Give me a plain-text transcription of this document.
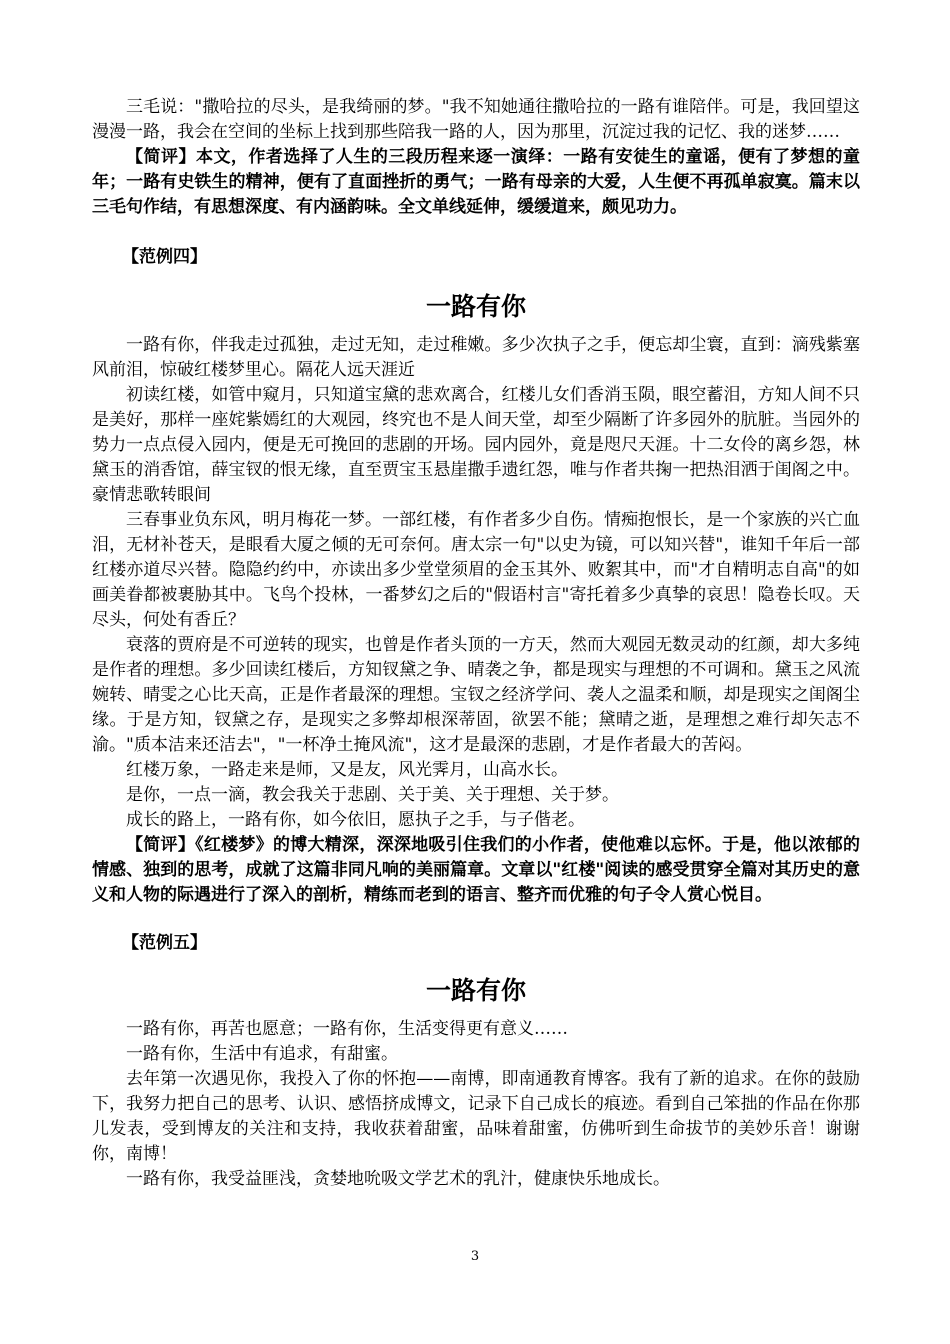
三毛说："撒哈拉的尽头，是我绮丽的梦。"我不知她通往撒哈拉的一路有谁陪伴。可是，我回望这漫漫一路，我会在空间的坐标上找到那些陪我一路的人，因为那里，沉淀过我的记忆、我的迷梦……

【简评】本文，作者选择了人生的三段历程来逐一演绎：一路有安徒生的童谣，便有了梦想的童年；一路有史铁生的精神，便有了直面挫折的勇气；一路有母亲的大爱，人生便不再孤单寂寞。篇末以三毛句作结，有思想深度、有内涵韵味。全文单线延伸，缓缓道来，颇见功力。

【范例四】

一路有你

一路有你，伴我走过孤独，走过无知，走过稚嫩。多少次执子之手，便忘却尘寰，直到：滴残紫塞风前泪，惊破红楼梦里心。隔花人远天涯近

初读红楼，如管中窥月，只知道宝黛的悲欢离合，红楼儿女们香消玉陨，眼空蓄泪，方知人间不只是美好，那样一座姹紫嫣红的大观园，终究也不是人间天堂，却至少隔断了许多园外的肮脏。当园外的势力一点点侵入园内，便是无可挽回的悲剧的开场。园内园外，竟是咫尺天涯。十二女伶的离乡怨，林黛玉的消香馆，薛宝钗的恨无缘，直至贾宝玉悬崖撒手遗红怨，唯与作者共掬一把热泪洒于闺阁之中。豪情悲歌转眼间

三春事业负东风，明月梅花一梦。一部红楼，有作者多少自伤。情痴抱恨长，是一个家族的兴亡血泪，无材补苍天，是眼看大厦之倾的无可奈何。唐太宗一句"以史为镜，可以知兴替"，谁知千年后一部红楼亦道尽兴替。隐隐约约中，亦读出多少堂堂须眉的金玉其外、败絮其中，而"才自精明志自高"的如画美眷都被裹胁其中。飞鸟个投林，一番梦幻之后的"假语村言"寄托着多少真挚的哀思！隐卷长叹。天尽头，何处有香丘？

衰落的贾府是不可逆转的现实，也曾是作者头顶的一方天，然而大观园无数灵动的红颜，却大多纯是作者的理想。多少回读红楼后，方知钗黛之争、晴袭之争，都是现实与理想的不可调和。黛玉之风流婉转、晴雯之心比天高，正是作者最深的理想。宝钗之经济学问、袭人之温柔和顺，却是现实之闺阁尘缘。于是方知，钗黛之存，是现实之多弊却根深蒂固，欲罢不能；黛晴之逝，是理想之难行却矢志不渝。"质本洁来还洁去"，"一杯净土掩风流"，这才是最深的悲剧，才是作者最大的苦闷。

红楼万象，一路走来是师，又是友，风光霁月，山高水长。

是你，一点一滴，教会我关于悲剧、关于美、关于理想、关于梦。

成长的路上，一路有你，如今依旧，愿执子之手，与子偕老。

【简评】《红楼梦》的博大精深，深深地吸引住我们的小作者，使他难以忘怀。于是，他以浓郁的情感、独到的思考，成就了这篇非同凡响的美丽篇章。文章以"红楼"阅读的感受贯穿全篇对其历史的意义和人物的际遇进行了深入的剖析，精练而老到的语言、整齐而优雅的句子令人赏心悦目。

【范例五】

一路有你

一路有你，再苦也愿意；一路有你，生活变得更有意义……

一路有你，生活中有追求，有甜蜜。

去年第一次遇见你，我投入了你的怀抱——南博，即南通教育博客。我有了新的追求。在你的鼓励下，我努力把自己的思考、认识、感悟挤成博文，记录下自己成长的痕迹。看到自己笨拙的作品在你那儿发表，受到博友的关注和支持，我收获着甜蜜，品味着甜蜜，仿佛听到生命拔节的美妙乐音！谢谢你，南博！

一路有你，我受益匪浅，贪婪地吮吸文学艺术的乳汁，健康快乐地成长。

3
